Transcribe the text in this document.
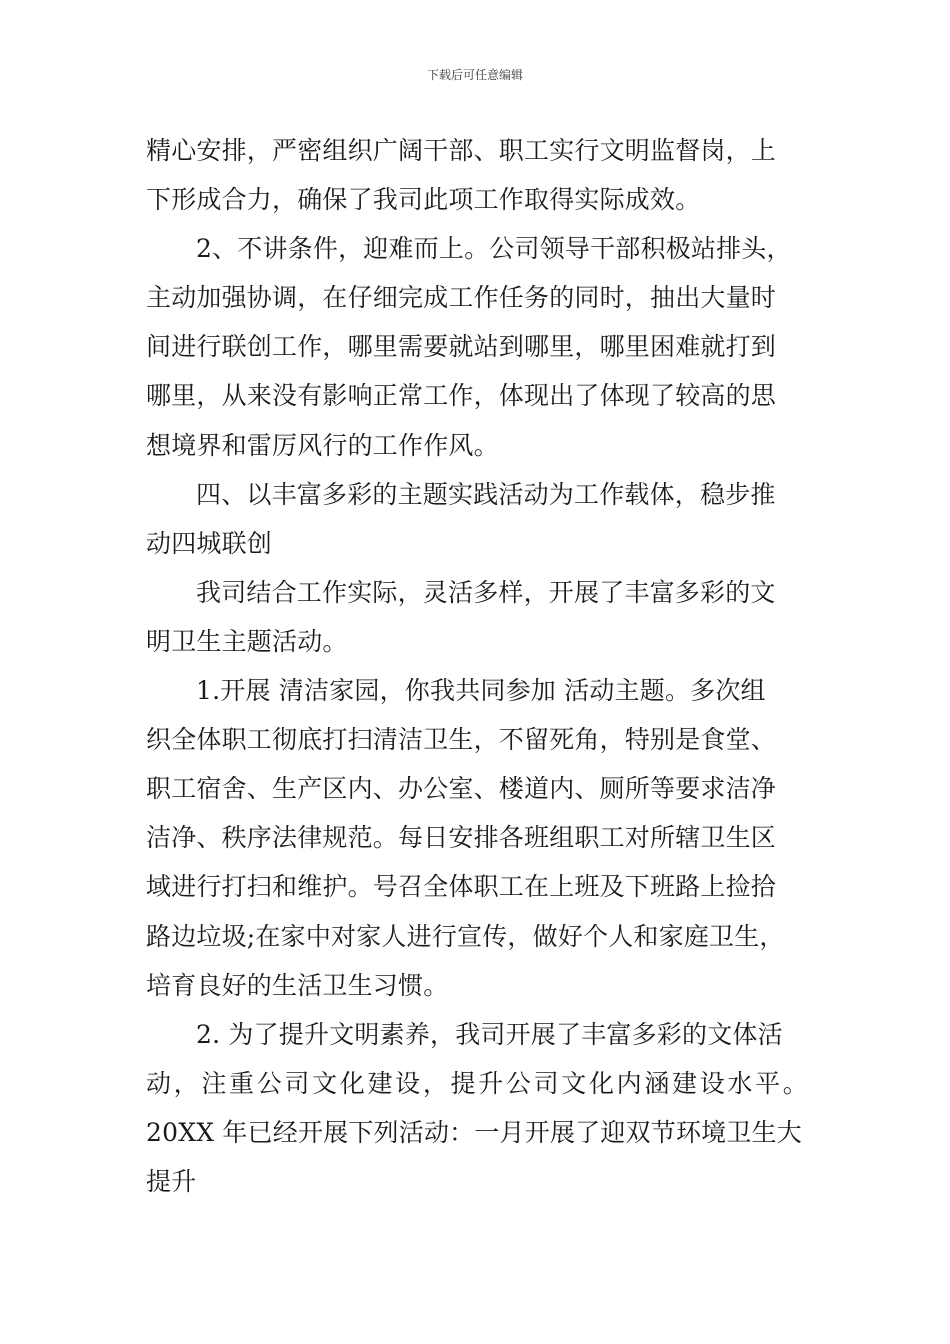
下载后可任意编辑
精心安排，严密组织广阔干部、职工实行文明监督岗，上
下形成合力，确保了我司此项工作取得实际成效。
2、不讲条件，迎难而上。公司领导干部积极站排头，
主动加强协调，在仔细完成工作任务的同时，抽出大量时
间进行联创工作，哪里需要就站到哪里，哪里困难就打到
哪里，从来没有影响正常工作，体现出了体现了较高的思
想境界和雷厉风行的工作作风。
四、以丰富多彩的主题实践活动为工作载体，稳步推
动四城联创
我司结合工作实际，灵活多样，开展了丰富多彩的文
明卫生主题活动。
1.开展 清洁家园，你我共同参加 活动主题。多次组
织全体职工彻底打扫清洁卫生，不留死角，特别是食堂、
职工宿舍、生产区内、办公室、楼道内、厕所等要求洁净
洁净、秩序法律规范。每日安排各班组职工对所辖卫生区
域进行打扫和维护。号召全体职工在上班及下班路上捡拾
路边垃圾;在家中对家人进行宣传，做好个人和家庭卫生，
培育良好的生活卫生习惯。
2. 为了提升文明素养，我司开展了丰富多彩的文体活
动，注重公司文化建设，提升公司文化内涵建设水平。
20XX 年已经开展下列活动：一月开展了迎双节环境卫生大
提升
